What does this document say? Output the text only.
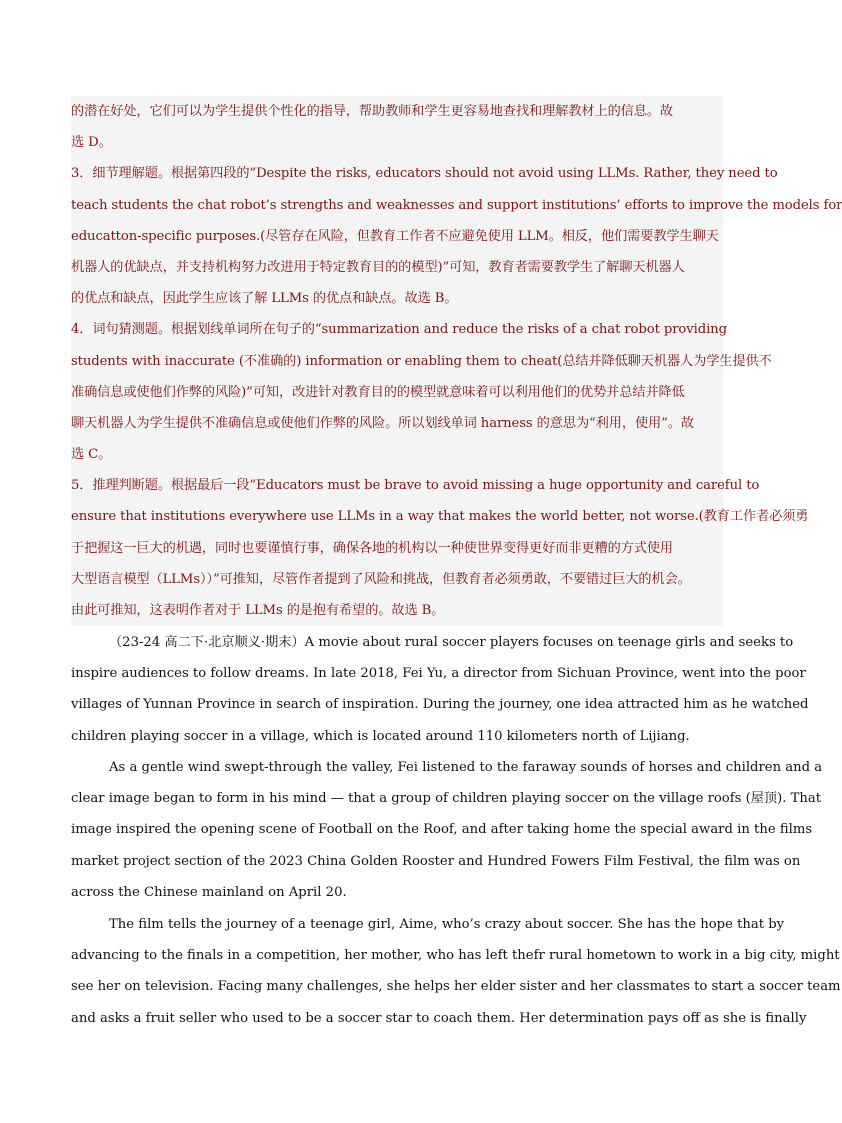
的潜在好处，它们可以为学生提供个性化的指导，帮助教师和学生更容易地查找和理解教材上的信息。故
选 D。
3．细节理解题。根据第四段的“Despite the risks, educators should not avoid using LLMs. Rather, they need to
teach students the chat robot’s strengths and weaknesses and support institutions’ efforts to improve the models for
educatton-specific purposes.(尽管存在风险，但教育工作者不应避免使用 LLM。相反，他们需要教学生聊天
机器人的优缺点，并支持机构努力改进用于特定教育目的的模型)”可知，教育者需要教学生了解聊天机器人
的优点和缺点，因此学生应该了解 LLMs 的优点和缺点。故选 B。
4．词句猜测题。根据划线单词所在句子的“summarization and reduce the risks of a chat robot providing
students with inaccurate (不准确的) information or enabling them to cheat(总结并降低聊天机器人为学生提供不
准确信息或使他们作弊的风险)”可知，改进针对教育目的的模型就意味着可以利用他们的优势并总结并降低
聊天机器人为学生提供不准确信息或使他们作弊的风险。所以划线单词 harness 的意思为“利用，使用”。故
选 C。
5．推理判断题。根据最后一段“Educators must be brave to avoid missing a huge opportunity and careful to
ensure that institutions everywhere use LLMs in a way that makes the world better, not worse.(教育工作者必须勇
于把握这一巨大的机遇，同时也要谨慎行事，确保各地的机构以一种使世界变得更好而非更糟的方式使用
大型语言模型（LLMs））”可推知，尽管作者提到了风险和挑战，但教育者必须勇敢，不要错过巨大的机会。
由此可推知，这表明作者对于 LLMs 的是抱有希望的。故选 B。
（23-24 高二下·北京顺义·期末）A movie about rural soccer players focuses on teenage girls and seeks to
inspire audiences to follow dreams. In late 2018, Fei Yu, a director from Sichuan Province, went into the poor
villages of Yunnan Province in search of inspiration. During the journey, one idea attracted him as he watched
children playing soccer in a village, which is located around 110 kilometers north of Lijiang.
As a gentle wind swept-through the valley, Fei listened to the faraway sounds of horses and children and a
clear image began to form in his mind — that a group of children playing soccer on the village roofs (屋顶). That
image inspired the opening scene of Football on the Roof, and after taking home the special award in the films
market project section of the 2023 China Golden Rooster and Hundred Fowers Film Festival, the film was on
across the Chinese mainland on April 20.
The film tells the journey of a teenage girl, Aime, who’s crazy about soccer. She has the hope that by
advancing to the finals in a competition, her mother, who has left thefr rural hometown to work in a big city, might
see her on television. Facing many challenges, she helps her elder sister and her classmates to start a soccer team
and asks a fruit seller who used to be a soccer star to coach them. Her determination pays off as she is finally
